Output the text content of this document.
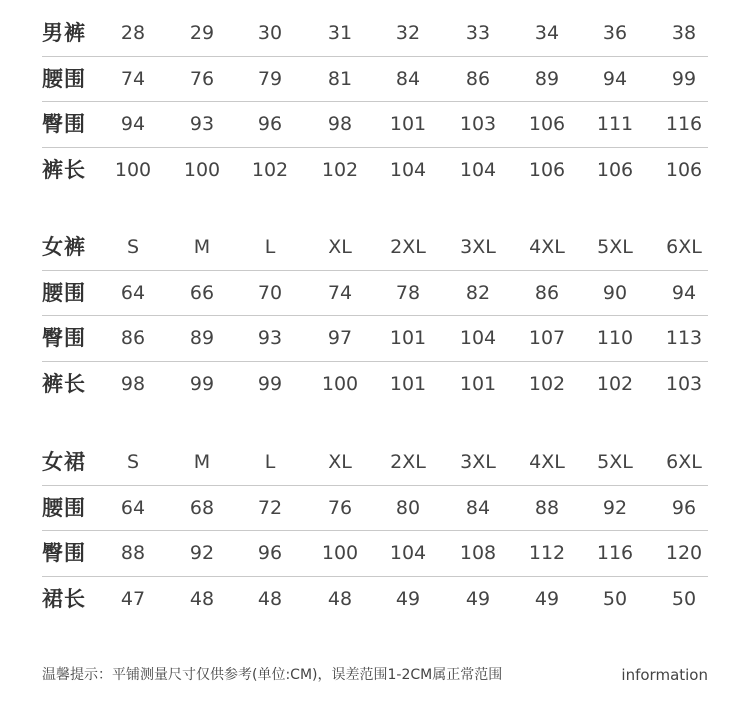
男裤	28	29	30	31	32	33	34	36	38
腰围	74	76	79	81	84	86	89	94	99
臀围	94	93	96	98	101	103	106	111	116
裤长	100	100	102	102	104	104	106	106	106
女裤	S	M	L	XL	2XL	3XL	4XL	5XL	6XL
腰围	64	66	70	74	78	82	86	90	94
臀围	86	89	93	97	101	104	107	110	113
裤长	98	99	99	100	101	101	102	102	103
女裙	S	M	L	XL	2XL	3XL	4XL	5XL	6XL
腰围	64	68	72	76	80	84	88	92	96
臀围	88	92	96	100	104	108	112	116	120
裙长	47	48	48	48	49	49	49	50	50
温馨提示：平铺测量尺寸仅供参考(单位:CM)，误差范围1-2CM属正常范围	information
